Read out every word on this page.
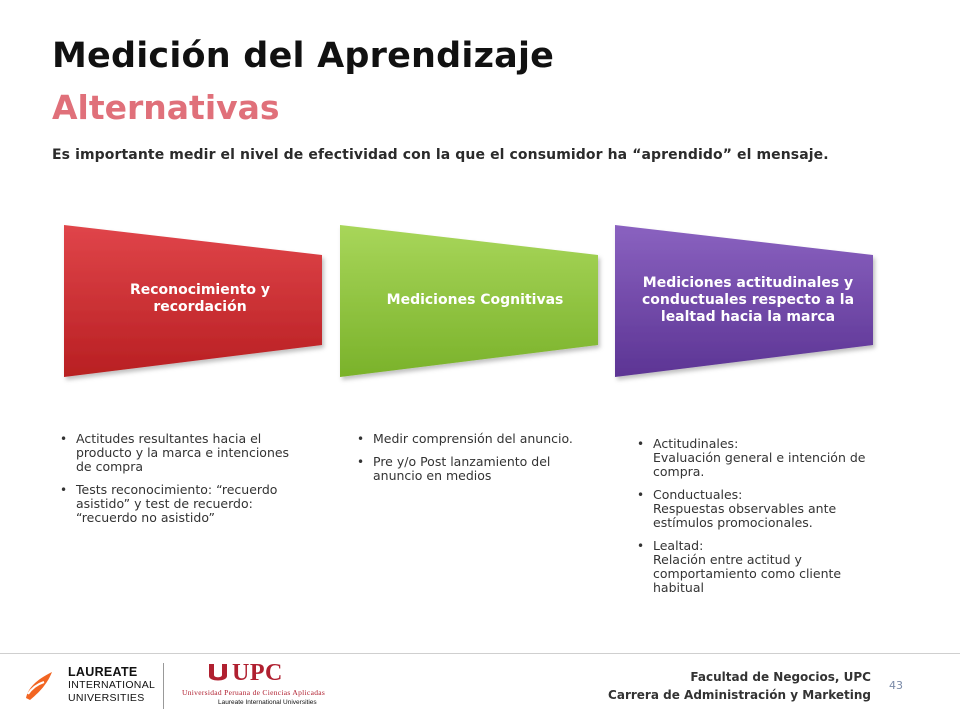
Medición del Aprendizaje
Alternativas
Es importante medir el nivel de efectividad con la que el consumidor ha “aprendido” el mensaje.
Reconocimiento y recordación	Mediciones Cognitivas
Mediciones actitudinales y conductuales respecto a la lealtad hacia la marca
• Actitudes resultantes hacia el producto y la marca e intenciones de compra
• Tests reconocimiento: “recuerdo asistido” y test de recuerdo: “recuerdo no asistido”
• Medir comprensión del anuncio.
• Pre y/o Post lanzamiento del anuncio en medios
• Actitudinales:
Evaluación general e intención de compra.
• Conductuales:
Respuestas observables ante estímulos promocionales.
• Lealtad:
Relación entre actitud y comportamiento como cliente habitual
LAUREATE
INTERNATIONAL
UNIVERSITIES
UPC
Universidad Peruana de Ciencias Aplicadas
Laureate International Universities
Facultad de Negocios, UPC
Carrera de Administración y Marketing
43
